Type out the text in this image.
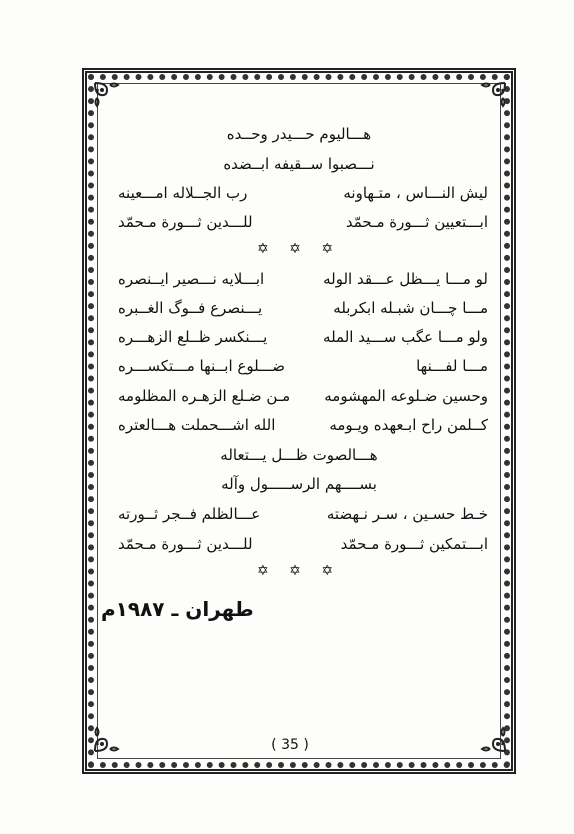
هـــاليوم حـــيدر وحــده
نـــصبوا ســقيفه ابــضده
ليش النـــاس ، متـهاونه
رب الجــلاله امـــعينه
ابـــتعيين ثـــورة مـحمّد
للـــدين ثـــورة مـحمّد
✡ ✡ ✡
لو مـــا يـــظل عـــقد الوله
ابـــلايه نـــصير ايــنصره
مـــا چـــان شبـله ابكربله
يـــنصرع فــوگ الغــبره
ولو مـــا عگب ســـيد المله
يـــنكسر ظــلع الزهـــره
مـــا لفـــنها
ضـــلوع ابــنها مـــتكســـره
وحسين ضـلوعه المهشومه
مـن ضـلع الزهـره المظلومه
كــلمن راح ابـعهده ويـومه
الله اشـــحملت هـــالعتره
هـــالصوت ظـــل يـــتعاله
بســــهم الرســـــول وآله
خـط حسـين ، سـر نـهضته
عـــالظلم فــجر ثــورته
ابـــتمكين ثـــورة مـحمّد
للـــدين ثـــورة مـحمّد
✡ ✡ ✡
طهران ـ ۱۹۸۷م
( 35 )
